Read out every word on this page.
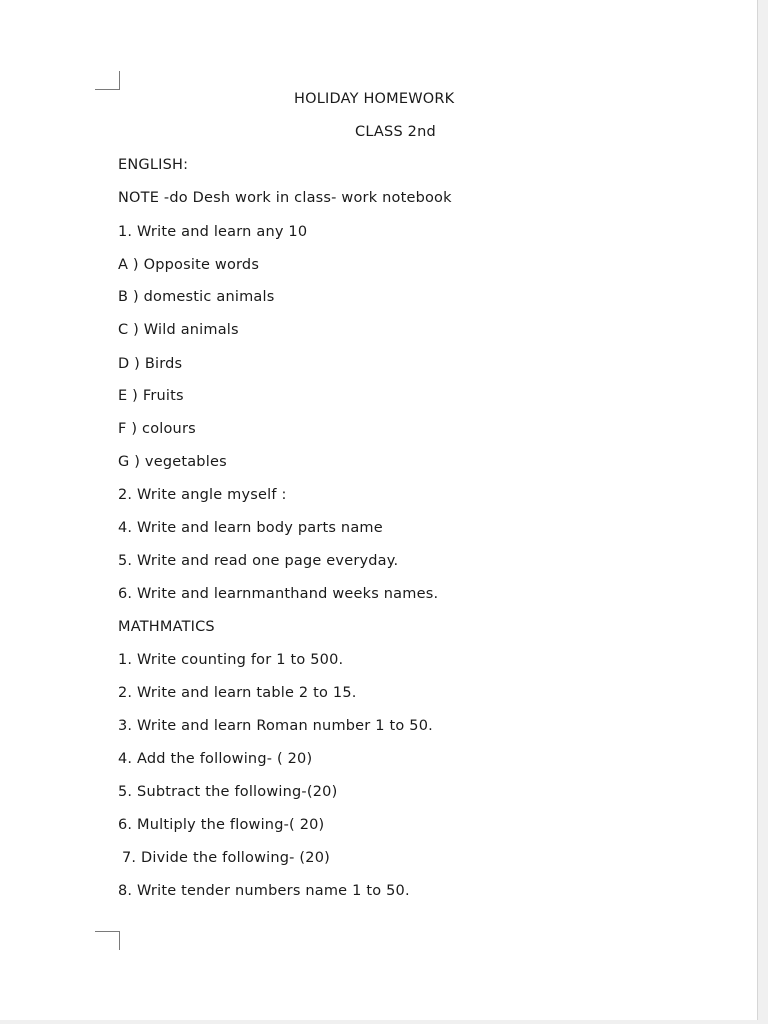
HOLIDAY HOMEWORK
CLASS 2nd
ENGLISH:
NOTE -do Desh work in class- work notebook
1. Write and learn any 10
A ) Opposite words
B ) domestic animals
C ) Wild animals
D ) Birds
E ) Fruits
F ) colours
G ) vegetables
2. Write angle myself :
4. Write and learn body parts name
5. Write and read one page everyday.
6. Write and learnmanthand weeks names.
MATHMATICS
1. Write counting for 1 to 500.
2. Write and learn table 2 to 15.
3. Write and learn Roman number 1 to 50.
4. Add the following- ( 20)
5. Subtract the following-(20)
6. Multiply the flowing-( 20)
7. Divide the following- (20)
8. Write tender numbers name 1 to 50.
